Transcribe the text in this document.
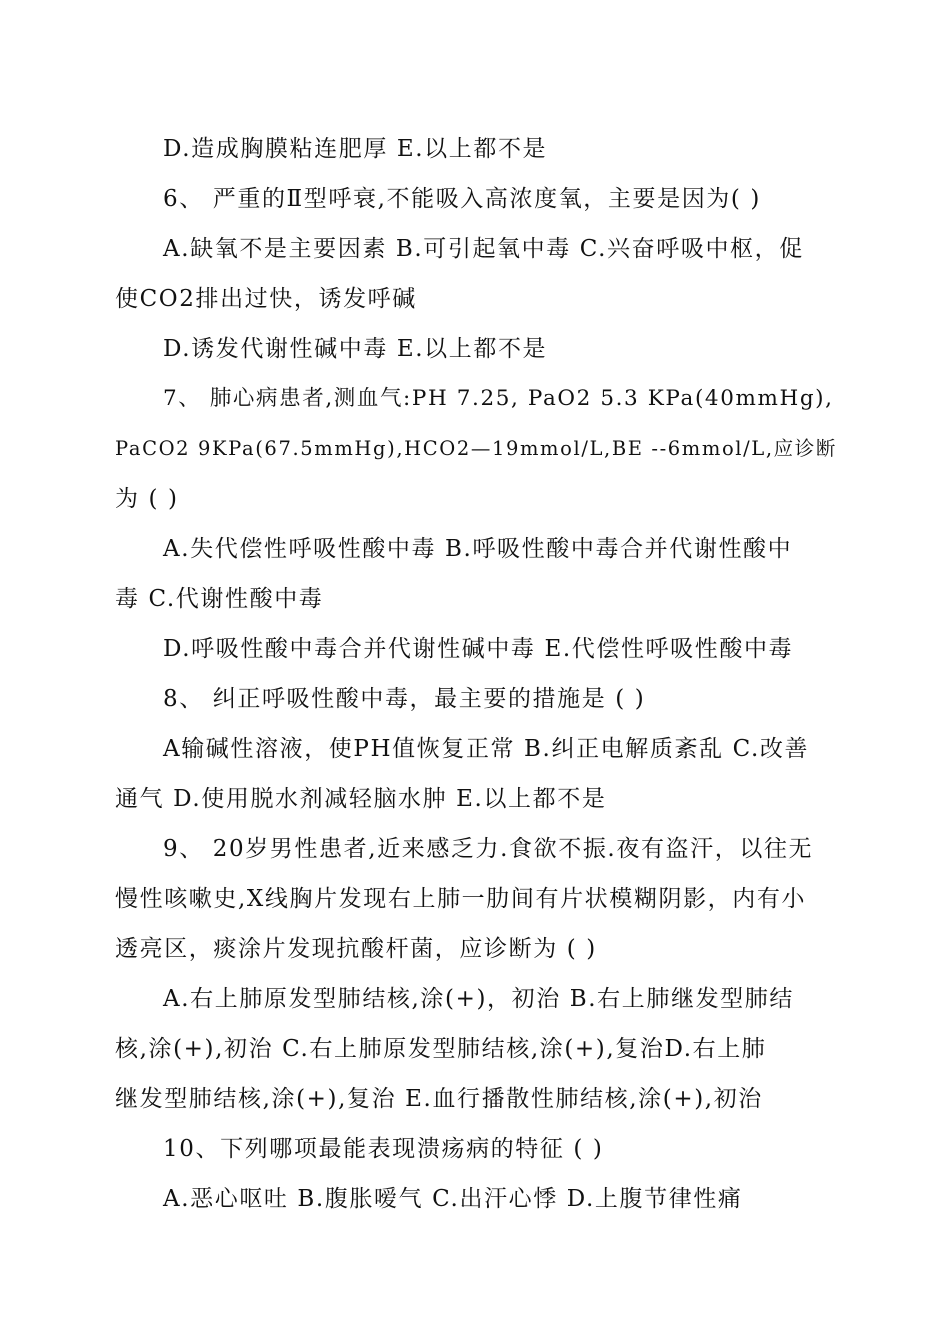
D.造成胸膜粘连肥厚 E.以上都不是
6、 严重的Ⅱ型呼衰,不能吸入高浓度氧，主要是因为( )
A.缺氧不是主要因素 B.可引起氧中毒 C.兴奋呼吸中枢，促
使CO2排出过快，诱发呼碱
D.诱发代谢性碱中毒 E.以上都不是
7、 肺心病患者,测血气:PH 7.25, PaO2 5.3 KPa(40mmHg),
PaCO2 9KPa(67.5mmHg),HCO2—19mmol/L,BE --6mmol/L,应诊断
为 ( )
A.失代偿性呼吸性酸中毒 B.呼吸性酸中毒合并代谢性酸中
毒 C.代谢性酸中毒
D.呼吸性酸中毒合并代谢性碱中毒 E.代偿性呼吸性酸中毒
8、 纠正呼吸性酸中毒，最主要的措施是 ( )
A输碱性溶液，使PH值恢复正常 B.纠正电解质紊乱 C.改善
通气 D.使用脱水剂减轻脑水肿 E.以上都不是
9、 20岁男性患者,近来感乏力.食欲不振.夜有盗汗，以往无
慢性咳嗽史,X线胸片发现右上肺一肋间有片状模糊阴影，内有小
透亮区，痰涂片发现抗酸杆菌，应诊断为 ( )
A.右上肺原发型肺结核,涂(+)，初治 B.右上肺继发型肺结
核,涂(+),初治 C.右上肺原发型肺结核,涂(+),复治D.右上肺
继发型肺结核,涂(+),复治 E.血行播散性肺结核,涂(+),初治
10、下列哪项最能表现溃疡病的特征 ( )
A.恶心呕吐 B.腹胀嗳气 C.出汗心悸 D.上腹节律性痛
